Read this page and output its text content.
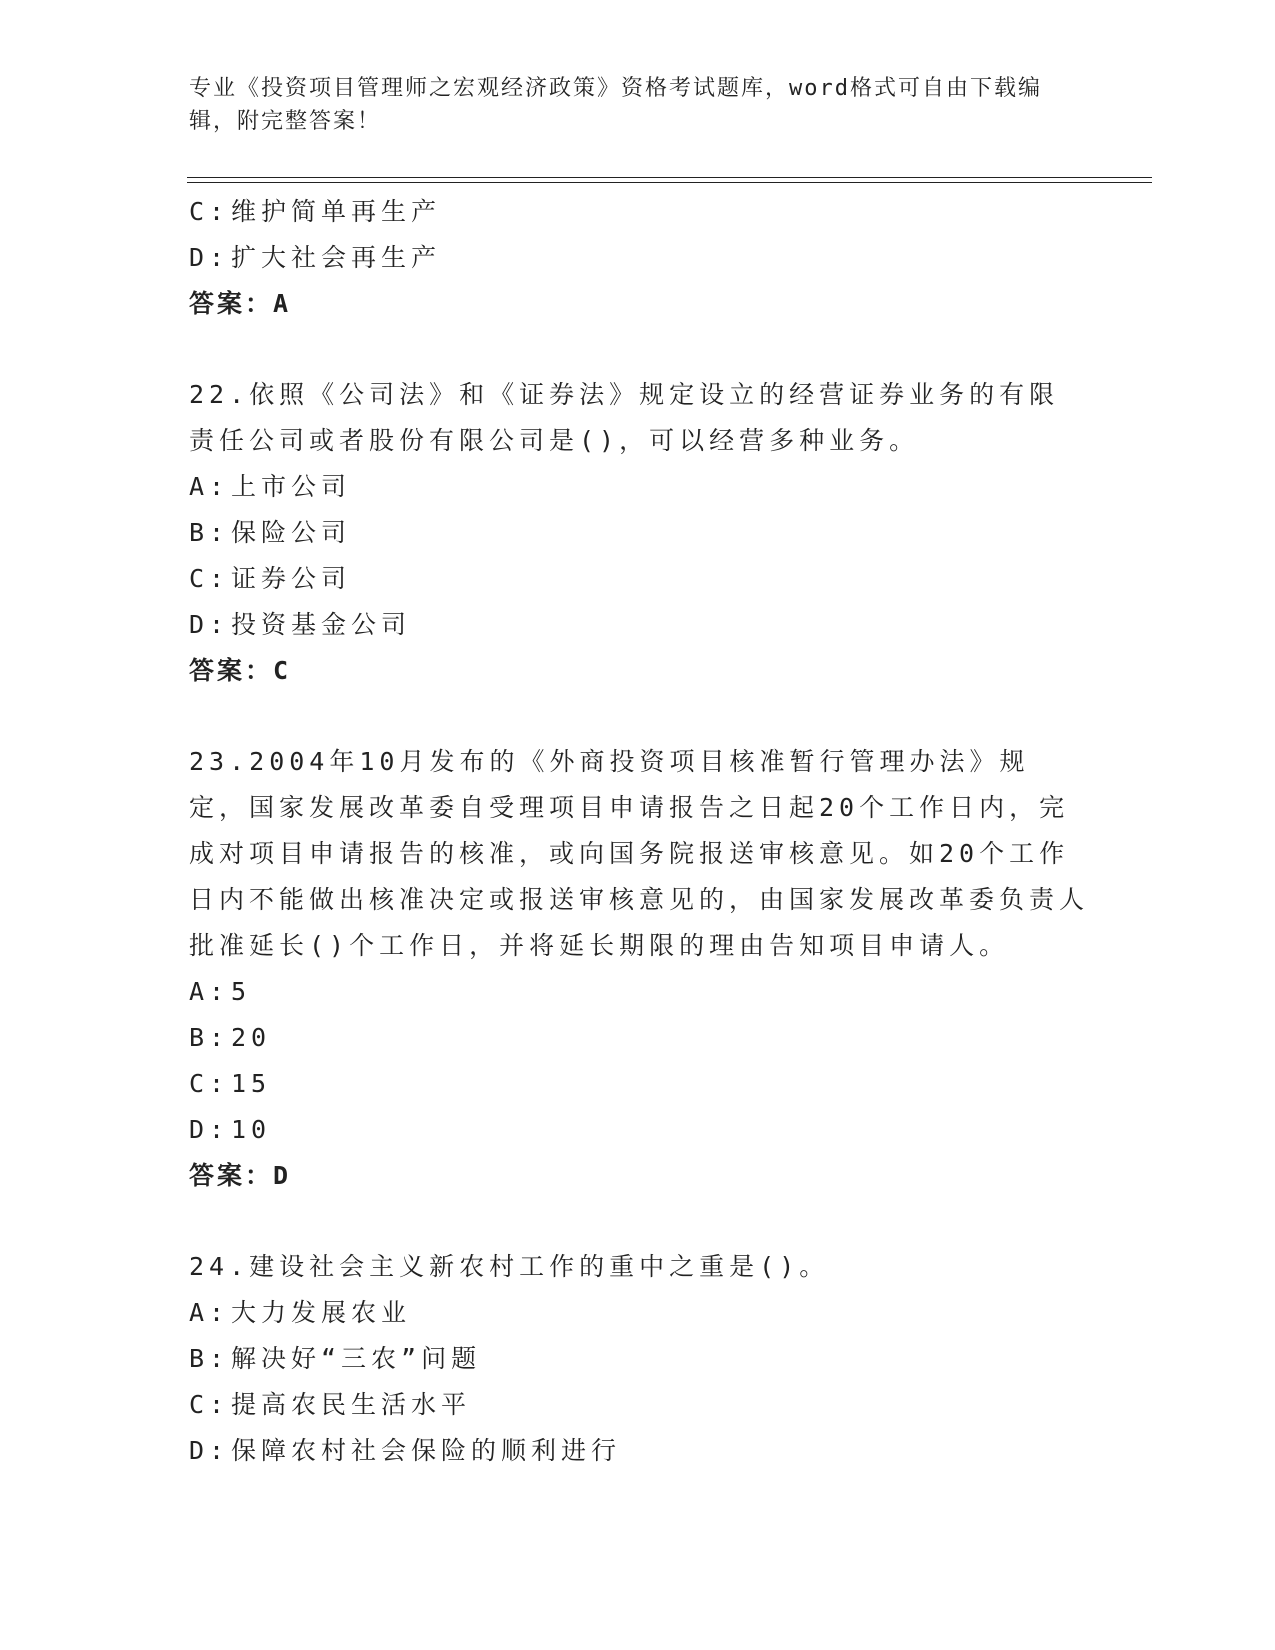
专业《投资项目管理师之宏观经济政策》资格考试题库，word格式可自由下载编辑，附完整答案！
C:维护简单再生产
D:扩大社会再生产
答案：A
22.依照《公司法》和《证券法》规定设立的经营证券业务的有限责任公司或者股份有限公司是()，可以经营多种业务。
A:上市公司
B:保险公司
C:证券公司
D:投资基金公司
答案：C
23.2004年10月发布的《外商投资项目核准暂行管理办法》规定，国家发展改革委自受理项目申请报告之日起20个工作日内，完成对项目申请报告的核准，或向国务院报送审核意见。如20个工作日内不能做出核准决定或报送审核意见的，由国家发展改革委负责人批准延长()个工作日，并将延长期限的理由告知项目申请人。
A:5
B:20
C:15
D:10
答案：D
24.建设社会主义新农村工作的重中之重是()。
A:大力发展农业
B:解决好“三农”问题
C:提高农民生活水平
D:保障农村社会保险的顺利进行
